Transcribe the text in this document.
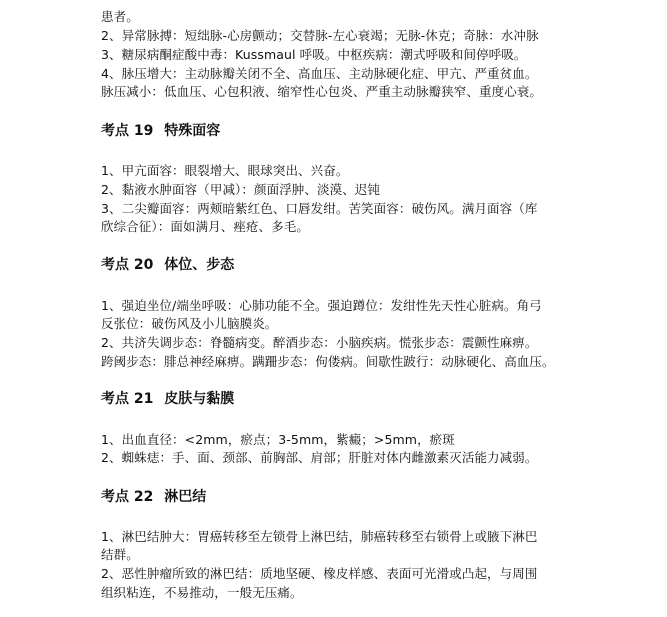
患者。
2、异常脉搏：短绌脉-心房颤动；交替脉-左心衰竭；无脉-休克；奇脉：水冲脉
3、糖尿病酮症酸中毒：Kussmaul 呼吸。中枢疾病：潮式呼吸和间停呼吸。
4、脉压增大：主动脉瓣关闭不全、高血压、主动脉硬化症、甲亢、严重贫血。
脉压减小：低血压、心包积液、缩窄性心包炎、严重主动脉瓣狭窄、重度心衰。
考点 19 特殊面容
1、甲亢面容：眼裂增大、眼球突出、兴奋。
2、黏液水肿面容（甲减）：颜面浮肿、淡漠、迟钝
3、二尖瓣面容：两颊暗紫红色、口唇发绀。苦笑面容：破伤风。满月面容（库
欣综合征）：面如满月、痤疮、多毛。
考点 20 体位、步态
1、强迫坐位/端坐呼吸：心肺功能不全。强迫蹲位：发绀性先天性心脏病。角弓
反张位：破伤风及小儿脑膜炎。
2、共济失调步态：脊髓病变。醉酒步态：小脑疾病。慌张步态：震颤性麻痹。
跨阈步态：腓总神经麻痹。蹒跚步态：佝偻病。间歇性跛行：动脉硬化、高血压。
考点 21 皮肤与黏膜
1、出血直径：<2mm，瘀点；3-5mm，紫癜；>5mm，瘀斑
2、蜘蛛痣：手、面、颈部、前胸部、肩部；肝脏对体内雌激素灭活能力减弱。
考点 22 淋巴结
1、淋巴结肿大：胃癌转移至左锁骨上淋巴结，肺癌转移至右锁骨上或腋下淋巴
结群。
2、恶性肿瘤所致的淋巴结：质地坚硬、橡皮样感、表面可光滑或凸起，与周围
组织粘连，不易推动，一般无压痛。
